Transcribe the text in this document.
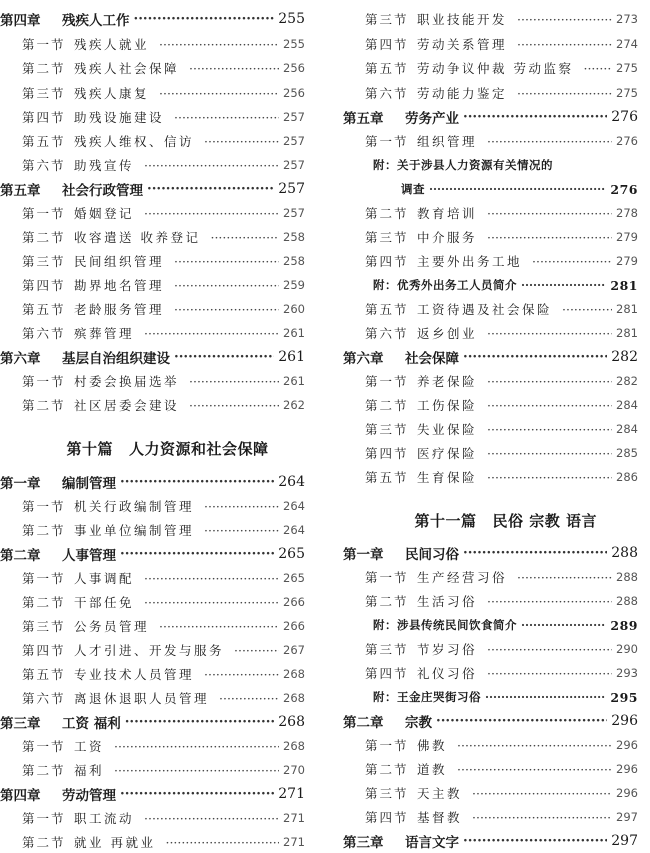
第四章 残疾人工作 ·····	255
第一节 残疾人就业 ·····	255
第二节 残疾人社会保障 ·····	256
第三节 残疾人康复 ·····	256
第四节 助残设施建设 ·····	257
第五节 残疾人维权、信访 ·····	257
第六节 助残宣传 ·····	257
第五章 社会行政管理 ·····	257
第一节 婚姻登记 ·····	257
第二节 收容遣送 收养登记 ·····	258
第三节 民间组织管理 ·····	258
第四节 勘界地名管理 ·····	259
第五节 老龄服务管理 ·····	260
第六节 殡葬管理 ·····	261
第六章 基层自治组织建设 ·····	261
第一节 村委会换届选举 ·····	261
第二节 社区居委会建设 ·····	262
第十篇 人力资源和社会保障
第一章 编制管理 ·····	264
第一节 机关行政编制管理 ·····	264
第二节 事业单位编制管理 ·····	264
第二章 人事管理 ·····	265
第一节 人事调配 ·····	265
第二节 干部任免 ·····	266
第三节 公务员管理 ·····	266
第四节 人才引进、开发与服务 ·····	267
第五节 专业技术人员管理 ·····	268
第六节 离退休退职人员管理 ·····	268
第三章 工资 福利 ·····	268
第一节 工资 ·····	268
第二节 福利 ·····	270
第四章 劳动管理 ·····	271
第一节 职工流动 ·····	271
第二节 就业 再就业 ·····	271
第三节 职业技能开发 ·····	273
第四节 劳动关系管理 ·····	274
第五节 劳动争议仲裁 劳动监察 ·····	275
第六节 劳动能力鉴定 ·····	275
第五章 劳务产业 ·····	276
第一节 组织管理 ·····	276
附：关于涉县人力资源有关情况的
调查 ·····	276
第二节 教育培训 ·····	278
第三节 中介服务 ·····	279
第四节 主要外出务工地 ·····	279
附：优秀外出务工人员简介 ·····	281
第五节 工资待遇及社会保险 ·····	281
第六节 返乡创业 ·····	281
第六章 社会保障 ·····	282
第一节 养老保险 ·····	282
第二节 工伤保险 ·····	284
第三节 失业保险 ·····	284
第四节 医疗保险 ·····	285
第五节 生育保险 ·····	286
第十一篇 民俗 宗教 语言
第一章 民间习俗 ·····	288
第一节 生产经营习俗 ·····	288
第二节 生活习俗 ·····	288
附：涉县传统民间饮食简介 ·····	289
第三节 节岁习俗 ·····	290
第四节 礼仪习俗 ·····	293
附：王金庄哭街习俗 ·····	295
第二章 宗教 ·····	296
第一节 佛教 ·····	296
第二节 道教 ·····	296
第三节 天主教 ·····	296
第四节 基督教 ·····	297
第三章 语言文字 ·····	297
